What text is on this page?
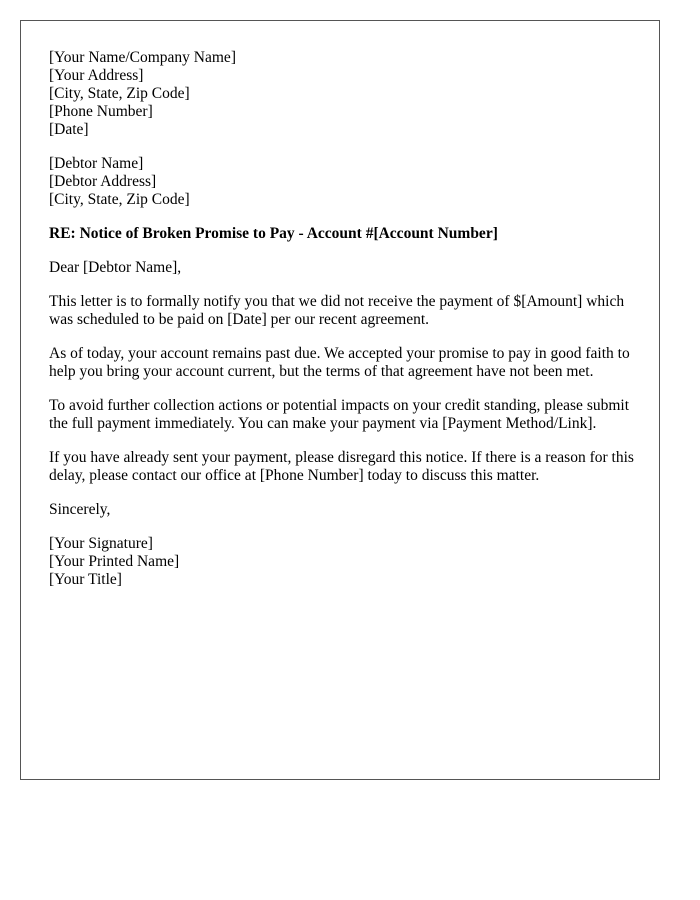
[Your Name/Company Name]
[Your Address]
[City, State, Zip Code]
[Phone Number]
[Date]
[Debtor Name]
[Debtor Address]
[City, State, Zip Code]
RE: Notice of Broken Promise to Pay - Account #[Account Number]
Dear [Debtor Name],

This letter is to formally notify you that we did not receive the payment of $[Amount] which was scheduled to be paid on [Date] per our recent agreement.

As of today, your account remains past due. We accepted your promise to pay in good faith to help you bring your account current, but the terms of that agreement have not been met.

To avoid further collection actions or potential impacts on your credit standing, please submit the full payment immediately. You can make your payment via [Payment Method/Link].

If you have already sent your payment, please disregard this notice. If there is a reason for this delay, please contact our office at [Phone Number] today to discuss this matter.

Sincerely,
[Your Signature]
[Your Printed Name]
[Your Title]
